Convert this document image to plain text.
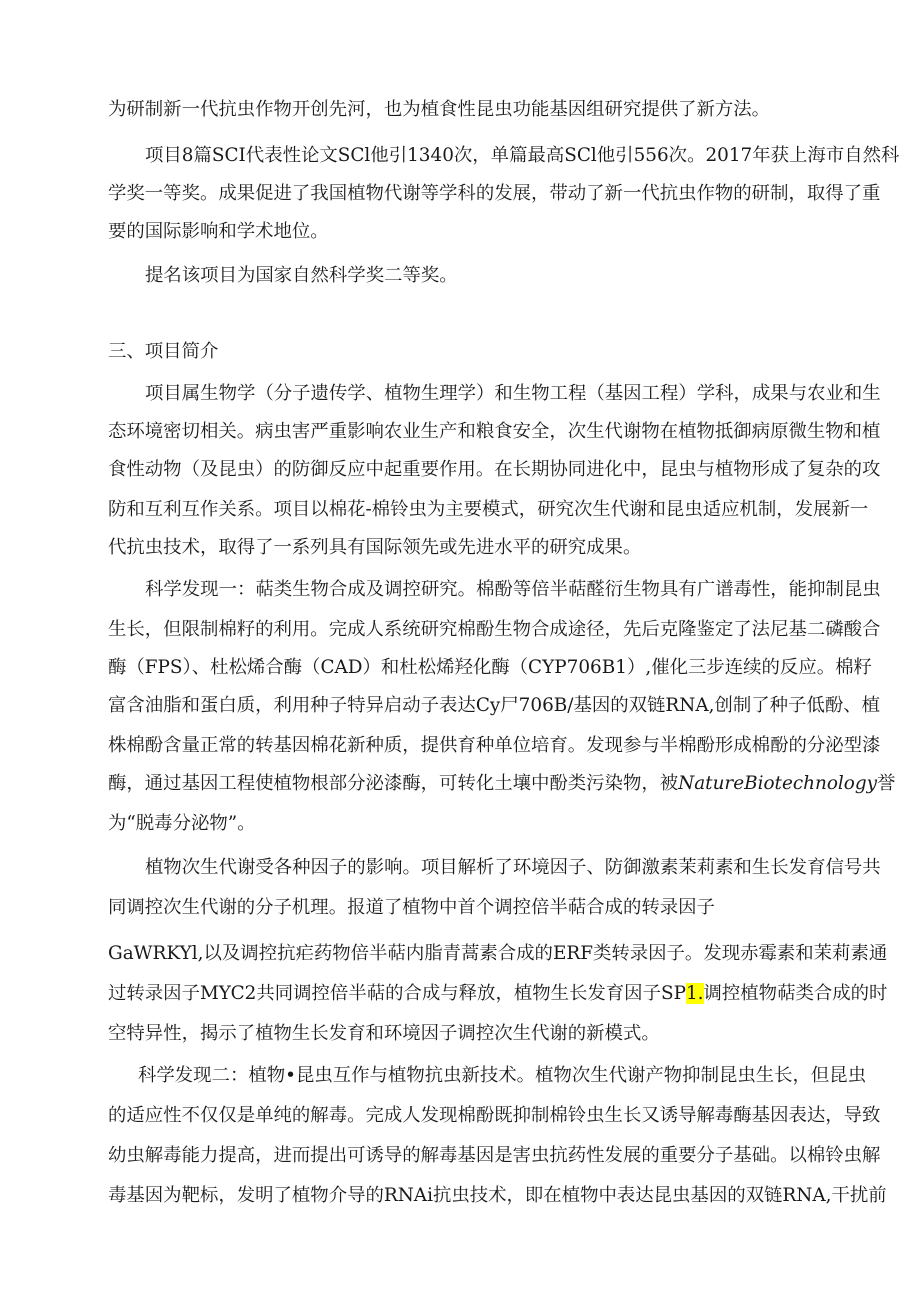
为研制新一代抗虫作物开创先河，也为植食性昆虫功能基因组研究提供了新方法。
项目8篇SCI代表性论文SCl他引1340次，单篇最高SCl他引556次。2017年获上海市自然科
学奖一等奖。成果促进了我国植物代谢等学科的发展，带动了新一代抗虫作物的研制，取得了重
要的国际影响和学术地位。
提名该项目为国家自然科学奖二等奖。
三、项目简介
项目属生物学（分子遗传学、植物生理学）和生物工程（基因工程）学科，成果与农业和生
态环境密切相关。病虫害严重影响农业生产和粮食安全，次生代谢物在植物抵御病原微生物和植
食性动物（及昆虫）的防御反应中起重要作用。在长期协同进化中，昆虫与植物形成了复杂的攻
防和互利互作关系。项目以棉花-棉铃虫为主要模式，研究次生代谢和昆虫适应机制，发展新一
代抗虫技术，取得了一系列具有国际领先或先进水平的研究成果。
科学发现一：萜类生物合成及调控研究。棉酚等倍半萜醛衍生物具有广谱毒性，能抑制昆虫
生长，但限制棉籽的利用。完成人系统研究棉酚生物合成途径，先后克隆鉴定了法尼基二磷酸合
酶（FPS）、杜松烯合酶（CAD）和杜松烯羟化酶（CYP706B1）,催化三步连续的反应。棉籽
富含油脂和蛋白质，利用种子特异启动子表达Cy尸706B/基因的双链RNA,创制了种子低酚、植
株棉酚含量正常的转基因棉花新种质，提供育种单位培育。发现参与半棉酚形成棉酚的分泌型漆
酶，通过基因工程使植物根部分泌漆酶，可转化土壤中酚类污染物，被NatureBiotechnology誉
为“脱毒分泌物”。
植物次生代谢受各种因子的影响。项目解析了环境因子、防御激素茉莉素和生长发育信号共
同调控次生代谢的分子机理。报道了植物中首个调控倍半萜合成的转录因子
GaWRKYl,以及调控抗疟药物倍半萜内脂青蒿素合成的ERF类转录因子。发现赤霉素和茉莉素通
过转录因子MYC2共同调控倍半萜的合成与释放，植物生长发育因子SP1.调控植物萜类合成的时
空特异性，揭示了植物生长发育和环境因子调控次生代谢的新模式。
科学发现二：植物•昆虫互作与植物抗虫新技术。植物次生代谢产物抑制昆虫生长，但昆虫
的适应性不仅仅是单纯的解毒。完成人发现棉酚既抑制棉铃虫生长又诱导解毒酶基因表达，导致
幼虫解毒能力提高，进而提出可诱导的解毒基因是害虫抗药性发展的重要分子基础。以棉铃虫解
毒基因为靶标，发明了植物介导的RNAi抗虫技术，即在植物中表达昆虫基因的双链RNA,干扰前
